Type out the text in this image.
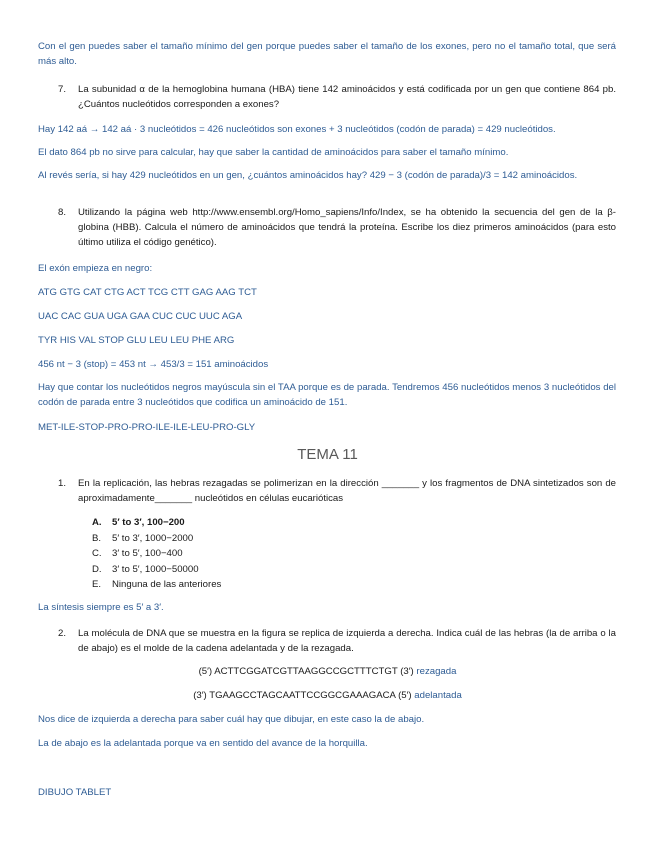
Con el gen puedes saber el tamaño mínimo del gen porque puedes saber el tamaño de los exones, pero no el tamaño total, que será más alto.
7. La subunidad α de la hemoglobina humana (HBA) tiene 142 aminoácidos y está codificada por un gen que contiene 864 pb. ¿Cuántos nucleótidos corresponden a exones?
Hay 142 aá → 142 aá · 3 nucleótidos = 426 nucleótidos son exones + 3 nucleótidos (codón de parada) = 429 nucleótidos.
El dato 864 pb no sirve para calcular, hay que saber la cantidad de aminoácidos para saber el tamaño mínimo.
Al revés sería, si hay 429 nucleótidos en un gen, ¿cuántos aminoácidos hay? 429 − 3 (codón de parada)/3 = 142 aminoácidos.
8. Utilizando la página web http://www.ensembl.org/Homo_sapiens/Info/Index, se ha obtenido la secuencia del gen de la β-globina (HBB). Calcula el número de aminoácidos que tendrá la proteína. Escribe los diez primeros aminoácidos (para esto último utiliza el código genético).
El exón empieza en negro:
ATG GTG CAT CTG ACT TCG CTT GAG AAG TCT
UAC CAC GUA UGA GAA CUC CUC UUC AGA
TYR HIS VAL STOP GLU LEU LEU PHE ARG
456 nt − 3 (stop) = 453 nt → 453/3 = 151 aminoácidos
Hay que contar los nucleótidos negros mayúscula sin el TAA porque es de parada. Tendremos 456 nucleótidos menos 3 nucleótidos del codón de parada entre 3 nucleótidos que codifica un aminoácido de 151.
MET-ILE-STOP-PRO-PRO-ILE-ILE-LEU-PRO-GLY
TEMA 11
1. En la replicación, las hebras rezagadas se polimerizan en la dirección _______ y los fragmentos de DNA sintetizados son de aproximadamente_______ nucleótidos en células eucarióticas
A.	5′ to 3′, 100−200
B.	5′ to 3′, 1000−2000
C.	3′ to 5′, 100−400
D.	3′ to 5′, 1000−50000
E.	Ninguna de las anteriores
La síntesis siempre es 5′ a 3′.
2. La molécula de DNA que se muestra en la figura se replica de izquierda a derecha. Indica cuál de las hebras (la de arriba o la de abajo) es el molde de la cadena adelantada y de la rezagada.
(5′) ACTTCGGATCGTTAAGGCCGCTTTCTGT (3′) rezagada
(3′) TGAAGCCTAGCAATTCCGGCGAAAGACA (5′) adelantada
Nos dice de izquierda a derecha para saber cuál hay que dibujar, en este caso la de abajo.
La de abajo es la adelantada porque va en sentido del avance de la horquilla.
DIBUJO TABLET
